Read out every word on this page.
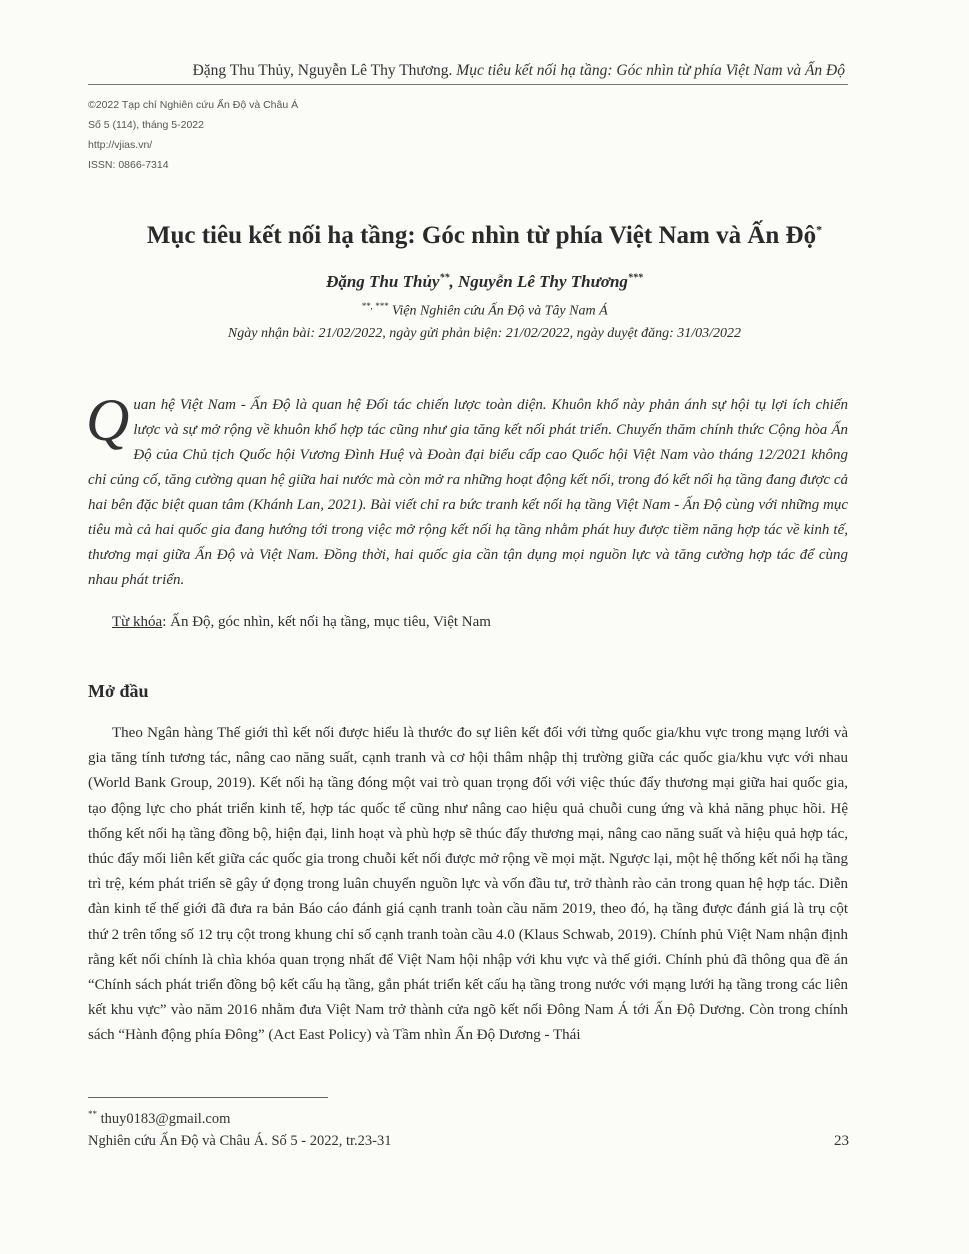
Đặng Thu Thủy, Nguyễn Lê Thy Thương. Mục tiêu kết nối hạ tầng: Góc nhìn từ phía Việt Nam và Ấn Độ
©2022 Tạp chí Nghiên cứu Ấn Độ và Châu Á
Số 5 (114), tháng 5-2022
http://vjias.vn/
ISSN: 0866-7314
Mục tiêu kết nối hạ tầng: Góc nhìn từ phía Việt Nam và Ấn Độ*
Đặng Thu Thủy**, Nguyễn Lê Thy Thương***
**, *** Viện Nghiên cứu Ấn Độ và Tây Nam Á
Ngày nhận bài: 21/02/2022, ngày gửi phản biện: 21/02/2022, ngày duyệt đăng: 31/03/2022
Quan hệ Việt Nam - Ấn Độ là quan hệ Đối tác chiến lược toàn diện. Khuôn khổ này phản ánh sự hội tụ lợi ích chiến lược và sự mở rộng về khuôn khổ hợp tác cũng như gia tăng kết nối phát triển. Chuyến thăm chính thức Cộng hòa Ấn Độ của Chủ tịch Quốc hội Vương Đình Huệ và Đoàn đại biểu cấp cao Quốc hội Việt Nam vào tháng 12/2021 không chỉ củng cố, tăng cường quan hệ giữa hai nước mà còn mở ra những hoạt động kết nối, trong đó kết nối hạ tầng đang được cả hai bên đặc biệt quan tâm (Khánh Lan, 2021). Bài viết chỉ ra bức tranh kết nối hạ tầng Việt Nam - Ấn Độ cùng với những mục tiêu mà cả hai quốc gia đang hướng tới trong việc mở rộng kết nối hạ tầng nhằm phát huy được tiềm năng hợp tác về kinh tế, thương mại giữa Ấn Độ và Việt Nam. Đồng thời, hai quốc gia cần tận dụng mọi nguồn lực và tăng cường hợp tác để cùng nhau phát triển.
Từ khóa: Ấn Độ, góc nhìn, kết nối hạ tầng, mục tiêu, Việt Nam
Mở đầu

Theo Ngân hàng Thế giới thì kết nối được hiểu là thước đo sự liên kết đối với từng quốc gia/khu vực trong mạng lưới và gia tăng tính tương tác, nâng cao năng suất, cạnh tranh và cơ hội thâm nhập thị trường giữa các quốc gia/khu vực với nhau (World Bank Group, 2019). Kết nối hạ tầng đóng một vai trò quan trọng đối với việc thúc đẩy thương mại giữa hai quốc gia, tạo động lực cho phát triển kinh tế, hợp tác quốc tế cũng như nâng cao hiệu quả chuỗi cung ứng và khả năng phục hồi. Hệ thống kết nối hạ tầng đồng bộ, hiện đại, linh hoạt và phù hợp sẽ thúc đẩy thương mại, nâng cao năng suất và hiệu quả hợp tác, thúc đẩy mối liên kết giữa các quốc gia trong chuỗi kết nối được mở rộng về mọi mặt. Ngược lại, một hệ thống kết nối hạ tầng trì trệ, kém phát triển sẽ gây ứ đọng trong luân chuyển nguồn lực và vốn đầu tư, trở thành rào cản trong quan hệ hợp tác. Diễn đàn kinh tế thế giới đã đưa ra bản Báo cáo đánh giá cạnh tranh toàn cầu năm 2019, theo đó, hạ tầng được đánh giá là trụ cột thứ 2 trên tổng số 12 trụ cột trong khung chỉ số cạnh tranh toàn cầu 4.0 (Klaus Schwab, 2019). Chính phủ Việt Nam nhận định rằng kết nối chính là chìa khóa quan trọng nhất để Việt Nam hội nhập với khu vực và thế giới. Chính phủ đã thông qua đề án “Chính sách phát triển đồng bộ kết cấu hạ tầng, gắn phát triển kết cấu hạ tầng trong nước với mạng lưới hạ tầng trong các liên kết khu vực” vào năm 2016 nhằm đưa Việt Nam trở thành cửa ngõ kết nối Đông Nam Á tới Ấn Độ Dương. Còn trong chính sách “Hành động phía Đông” (Act East Policy) và Tầm nhìn Ấn Độ Dương - Thái

** thuy0183@gmail.com
Nghiên cứu Ấn Độ và Châu Á. Số 5 - 2022, tr.23-31	23
